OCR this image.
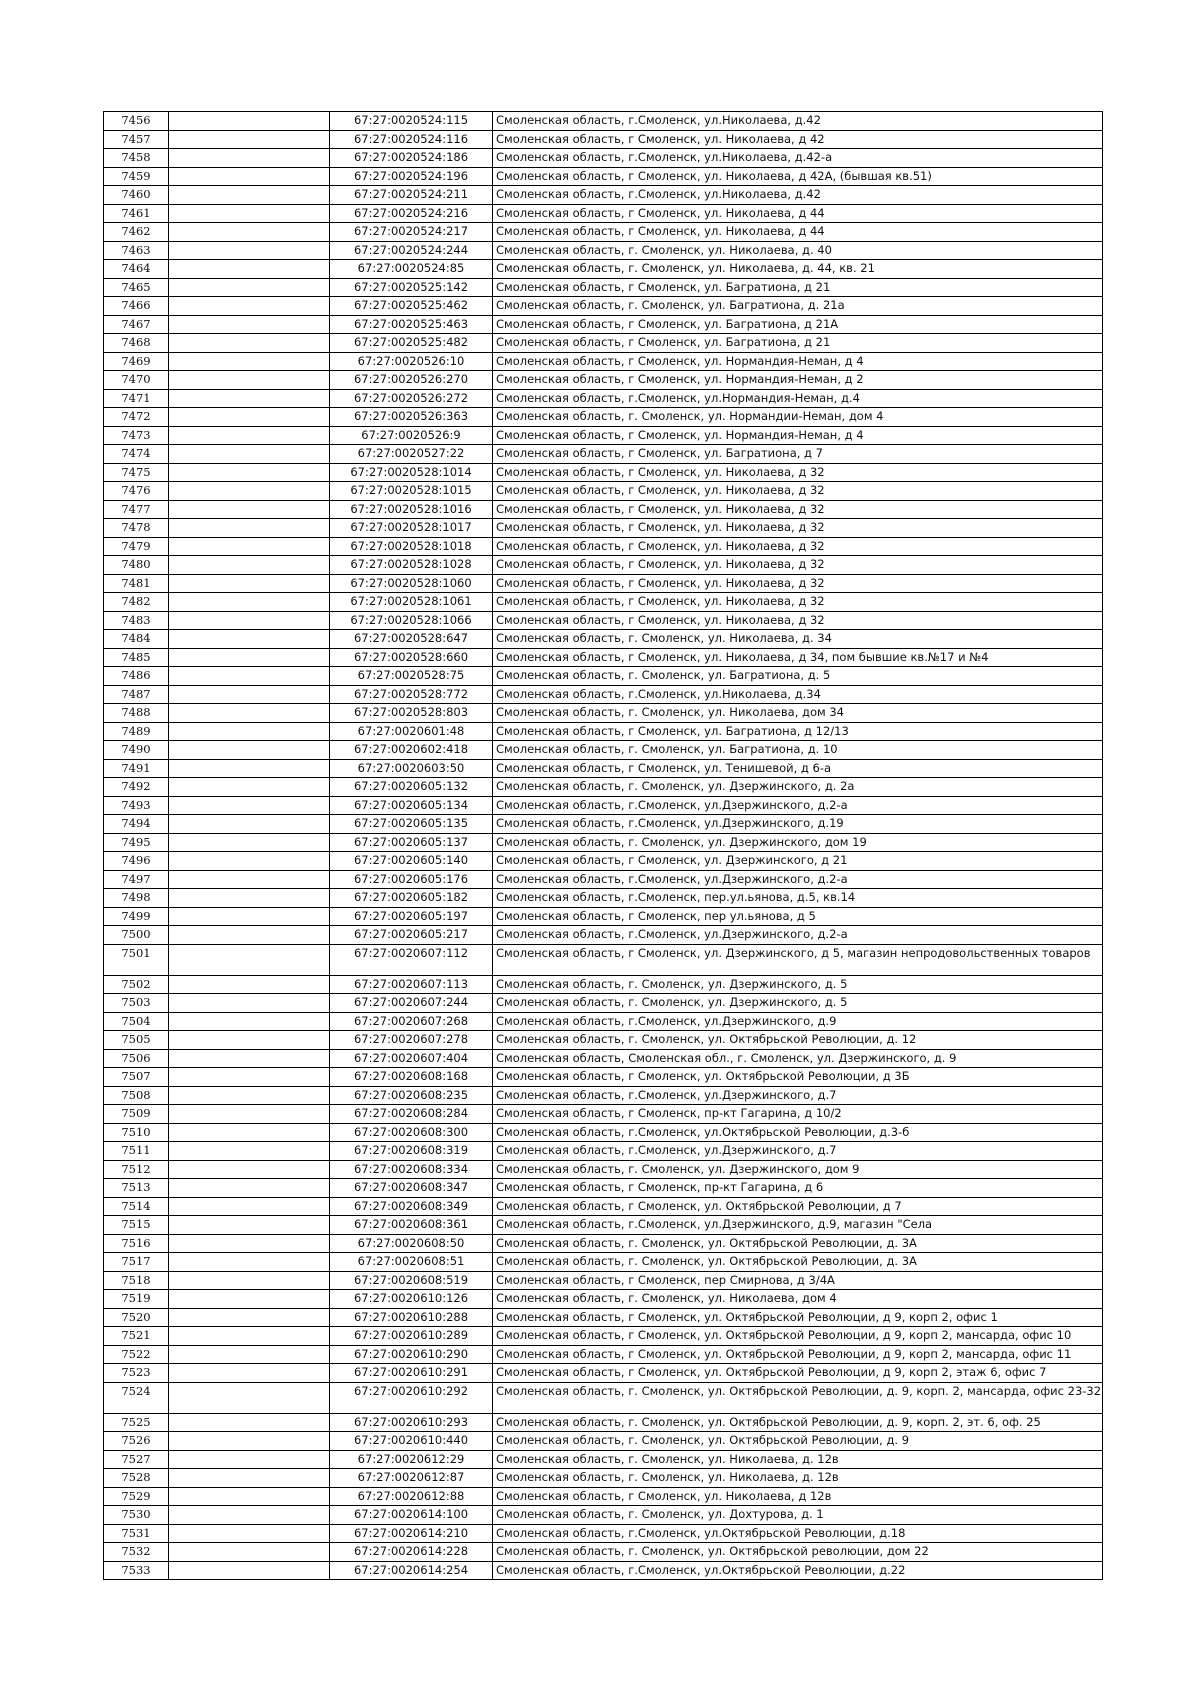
7456		67:27:0020524:115	Смоленская область, г.Смоленск, ул.Николаева, д.42
7457		67:27:0020524:116	Смоленская область, г Смоленск, ул. Николаева, д 42
7458		67:27:0020524:186	Смоленская область, г.Смоленск, ул.Николаева, д.42-а
7459		67:27:0020524:196	Смоленская область, г Смоленск, ул. Николаева, д 42А, (бывшая кв.51)
7460		67:27:0020524:211	Смоленская область, г.Смоленск, ул.Николаева, д.42
7461		67:27:0020524:216	Смоленская область, г Смоленск, ул. Николаева, д 44
7462		67:27:0020524:217	Смоленская область, г Смоленск, ул. Николаева, д 44
7463		67:27:0020524:244	Смоленская область, г. Смоленск, ул. Николаева, д. 40
7464		67:27:0020524:85	Смоленская область, г. Смоленск, ул. Николаева, д. 44, кв. 21
7465		67:27:0020525:142	Смоленская область, г Смоленск, ул. Багратиона, д 21
7466		67:27:0020525:462	Смоленская область, г. Смоленск, ул. Багратиона, д. 21а
7467		67:27:0020525:463	Смоленская область, г Смоленск, ул. Багратиона, д 21А
7468		67:27:0020525:482	Смоленская область, г Смоленск, ул. Багратиона, д 21
7469		67:27:0020526:10	Смоленская область, г Смоленск, ул. Нормандия-Неман, д 4
7470		67:27:0020526:270	Смоленская область, г Смоленск, ул. Нормандия-Неман, д 2
7471		67:27:0020526:272	Смоленская область, г.Смоленск, ул.Нормандия-Неман, д.4
7472		67:27:0020526:363	Смоленская область, г. Смоленск, ул. Нормандии-Неман, дом 4
7473		67:27:0020526:9	Смоленская область, г Смоленск, ул. Нормандия-Неман, д 4
7474		67:27:0020527:22	Смоленская область, г Смоленск, ул. Багратиона, д 7
7475		67:27:0020528:1014	Смоленская область, г Смоленск, ул. Николаева, д 32
7476		67:27:0020528:1015	Смоленская область, г Смоленск, ул. Николаева, д 32
7477		67:27:0020528:1016	Смоленская область, г Смоленск, ул. Николаева, д 32
7478		67:27:0020528:1017	Смоленская область, г Смоленск, ул. Николаева, д 32
7479		67:27:0020528:1018	Смоленская область, г Смоленск, ул. Николаева, д 32
7480		67:27:0020528:1028	Смоленская область, г Смоленск, ул. Николаева, д 32
7481		67:27:0020528:1060	Смоленская область, г Смоленск, ул. Николаева, д 32
7482		67:27:0020528:1061	Смоленская область, г Смоленск, ул. Николаева, д 32
7483		67:27:0020528:1066	Смоленская область, г Смоленск, ул. Николаева, д 32
7484		67:27:0020528:647	Смоленская область, г. Смоленск, ул. Николаева, д. 34
7485		67:27:0020528:660	Смоленская область, г Смоленск, ул. Николаева, д 34, пом бывшие кв.№17 и №4
7486		67:27:0020528:75	Смоленская область, г. Смоленск, ул. Багратиона, д. 5
7487		67:27:0020528:772	Смоленская область, г.Смоленск, ул.Николаева, д.34
7488		67:27:0020528:803	Смоленская область, г. Смоленск, ул. Николаева, дом 34
7489		67:27:0020601:48	Смоленская область, г Смоленск, ул. Багратиона, д 12/13
7490		67:27:0020602:418	Смоленская область, г. Смоленск, ул. Багратиона, д. 10
7491		67:27:0020603:50	Смоленская область, г Смоленск, ул. Тенишевой, д 6-а
7492		67:27:0020605:132	Смоленская область, г. Смоленск, ул. Дзержинского, д. 2а
7493		67:27:0020605:134	Смоленская область, г.Смоленск, ул.Дзержинского, д.2-а
7494		67:27:0020605:135	Смоленская область, г.Смоленск, ул.Дзержинского, д.19
7495		67:27:0020605:137	Смоленская область, г. Смоленск, ул. Дзержинского, дом 19
7496		67:27:0020605:140	Смоленская область, г Смоленск, ул. Дзержинского, д 21
7497		67:27:0020605:176	Смоленская область, г.Смоленск, ул.Дзержинского, д.2-а
7498		67:27:0020605:182	Смоленская область, г.Смоленск, пер.ул.ьянова, д.5, кв.14
7499		67:27:0020605:197	Смоленская область, г Смоленск, пер ул.ьянова, д 5
7500		67:27:0020605:217	Смоленская область, г.Смоленск, ул.Дзержинского, д.2-а
7501		67:27:0020607:112	Смоленская область, г Смоленск, ул. Дзержинского, д 5, магазин непродовольственных товаров
7502		67:27:0020607:113	Смоленская область, г. Смоленск, ул. Дзержинского, д. 5
7503		67:27:0020607:244	Смоленская область, г. Смоленск, ул. Дзержинского, д. 5
7504		67:27:0020607:268	Смоленская область, г.Смоленск, ул.Дзержинского, д.9
7505		67:27:0020607:278	Смоленская область, г. Смоленск, ул. Октябрьской Революции, д. 12
7506		67:27:0020607:404	Смоленская область, Смоленская обл., г. Смоленск, ул. Дзержинского, д. 9
7507		67:27:0020608:168	Смоленская область, г Смоленск, ул. Октябрьской Революции, д 3Б
7508		67:27:0020608:235	Смоленская область, г.Смоленск, ул.Дзержинского, д.7
7509		67:27:0020608:284	Смоленская область, г Смоленск, пр-кт Гагарина, д 10/2
7510		67:27:0020608:300	Смоленская область, г.Смоленск, ул.Октябрьской Революции, д.3-б
7511		67:27:0020608:319	Смоленская область, г.Смоленск, ул.Дзержинского, д.7
7512		67:27:0020608:334	Смоленская область, г. Смоленск, ул. Дзержинского, дом 9
7513		67:27:0020608:347	Смоленская область, г Смоленск, пр-кт Гагарина, д 6
7514		67:27:0020608:349	Смоленская область, г Смоленск, ул. Октябрьской Революции, д 7
7515		67:27:0020608:361	Смоленская область, г.Смоленск, ул.Дзержинского, д.9, магазин "Села
7516		67:27:0020608:50	Смоленская область, г. Смоленск, ул. Октябрьской Революции, д. 3А
7517		67:27:0020608:51	Смоленская область, г. Смоленск, ул. Октябрьской Революции, д. 3А
7518		67:27:0020608:519	Смоленская область, г Смоленск, пер Смирнова, д 3/4А
7519		67:27:0020610:126	Смоленская область, г. Смоленск, ул. Николаева, дом 4
7520		67:27:0020610:288	Смоленская область, г Смоленск, ул. Октябрьской Революции, д 9, корп 2, офис 1
7521		67:27:0020610:289	Смоленская область, г Смоленск, ул. Октябрьской Революции, д 9, корп 2, мансарда, офис 10
7522		67:27:0020610:290	Смоленская область, г Смоленск, ул. Октябрьской Революции, д 9, корп 2, мансарда, офис 11
7523		67:27:0020610:291	Смоленская область, г Смоленск, ул. Октябрьской Революции, д 9, корп 2, этаж 6, офис 7
7524		67:27:0020610:292	Смоленская область, г. Смоленск, ул. Октябрьской Революции, д. 9, корп. 2, мансарда, офис 23-32
7525		67:27:0020610:293	Смоленская область, г. Смоленск, ул. Октябрьской Революции, д. 9, корп. 2, эт. 6, оф. 25
7526		67:27:0020610:440	Смоленская область, г. Смоленск, ул. Октябрьской Революции, д. 9
7527		67:27:0020612:29	Смоленская область, г. Смоленск, ул. Николаева, д. 12в
7528		67:27:0020612:87	Смоленская область, г. Смоленск, ул. Николаева, д. 12в
7529		67:27:0020612:88	Смоленская область, г Смоленск, ул. Николаева, д 12в
7530		67:27:0020614:100	Смоленская область, г. Смоленск, ул. Дохтурова, д. 1
7531		67:27:0020614:210	Смоленская область, г.Смоленск, ул.Октябрьской Революции, д.18
7532		67:27:0020614:228	Смоленская область, г. Смоленск, ул. Октябрьской революции, дом 22
7533		67:27:0020614:254	Смоленская область, г.Смоленск, ул.Октябрьской Революции, д.22
